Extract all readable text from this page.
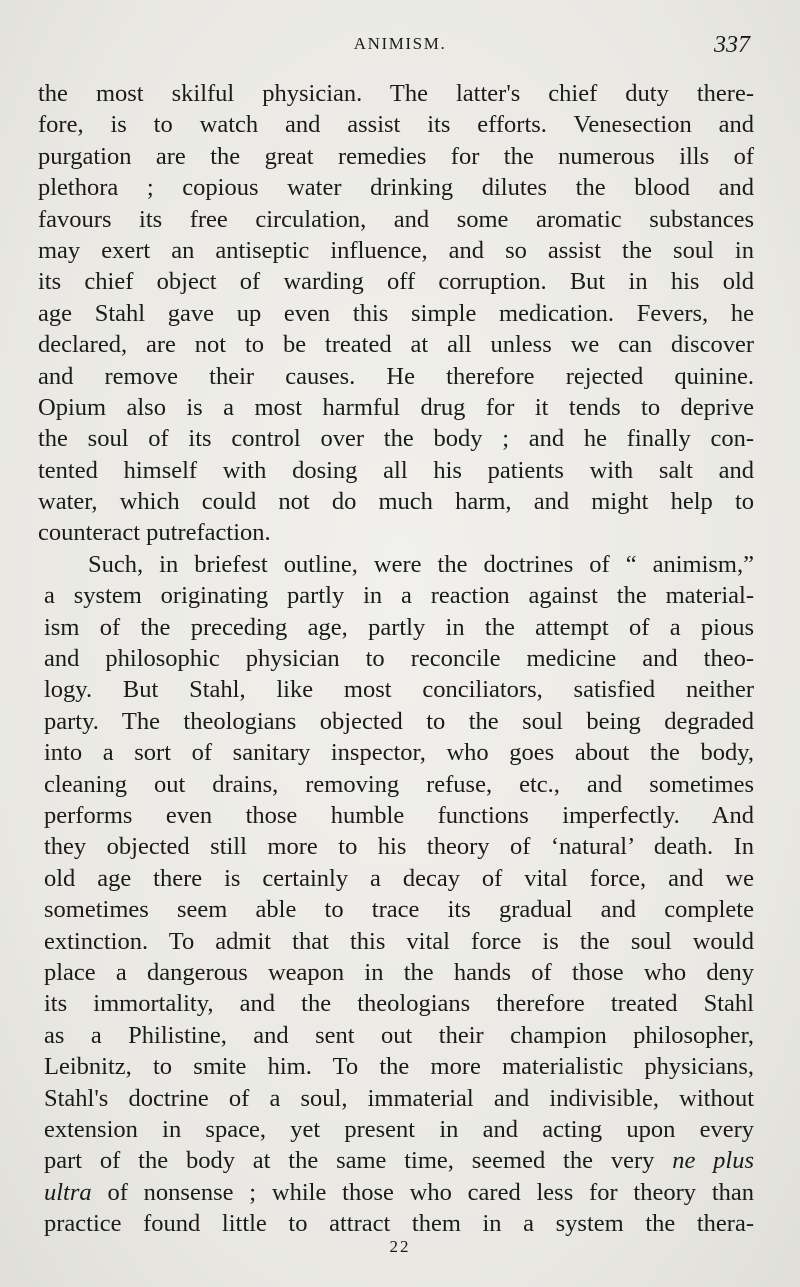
ANIMISM.	337
the most skilful physician. The latter's chief duty there-
fore, is to watch and assist its efforts. Venesection and
purgation are the great remedies for the numerous ills of
plethora ; copious water drinking dilutes the blood and
favours its free circulation, and some aromatic substances
may exert an antiseptic influence, and so assist the soul in
its chief object of warding off corruption. But in his old
age Stahl gave up even this simple medication. Fevers, he
declared, are not to be treated at all unless we can discover
and remove their causes. He therefore rejected quinine.
Opium also is a most harmful drug for it tends to deprive
the soul of its control over the body ; and he finally con-
tented himself with dosing all his patients with salt and
water, which could not do much harm, and might help to
counteract putrefaction.
Such, in briefest outline, were the doctrines of “ animism,”
a system originating partly in a reaction against the material-
ism of the preceding age, partly in the attempt of a pious
and philosophic physician to reconcile medicine and theo-
logy. But Stahl, like most conciliators, satisfied neither
party. The theologians objected to the soul being degraded
into a sort of sanitary inspector, who goes about the body,
cleaning out drains, removing refuse, etc., and sometimes
performs even those humble functions imperfectly. And
they objected still more to his theory of ‘natural’ death. In
old age there is certainly a decay of vital force, and we
sometimes seem able to trace its gradual and complete
extinction. To admit that this vital force is the soul would
place a dangerous weapon in the hands of those who deny
its immortality, and the theologians therefore treated Stahl
as a Philistine, and sent out their champion philosopher,
Leibnitz, to smite him. To the more materialistic physicians,
Stahl's doctrine of a soul, immaterial and indivisible, without
extension in space, yet present in and acting upon every
part of the body at the same time, seemed the very ne plus
ultra of nonsense ; while those who cared less for theory than
practice found little to attract them in a system the thera-
22
